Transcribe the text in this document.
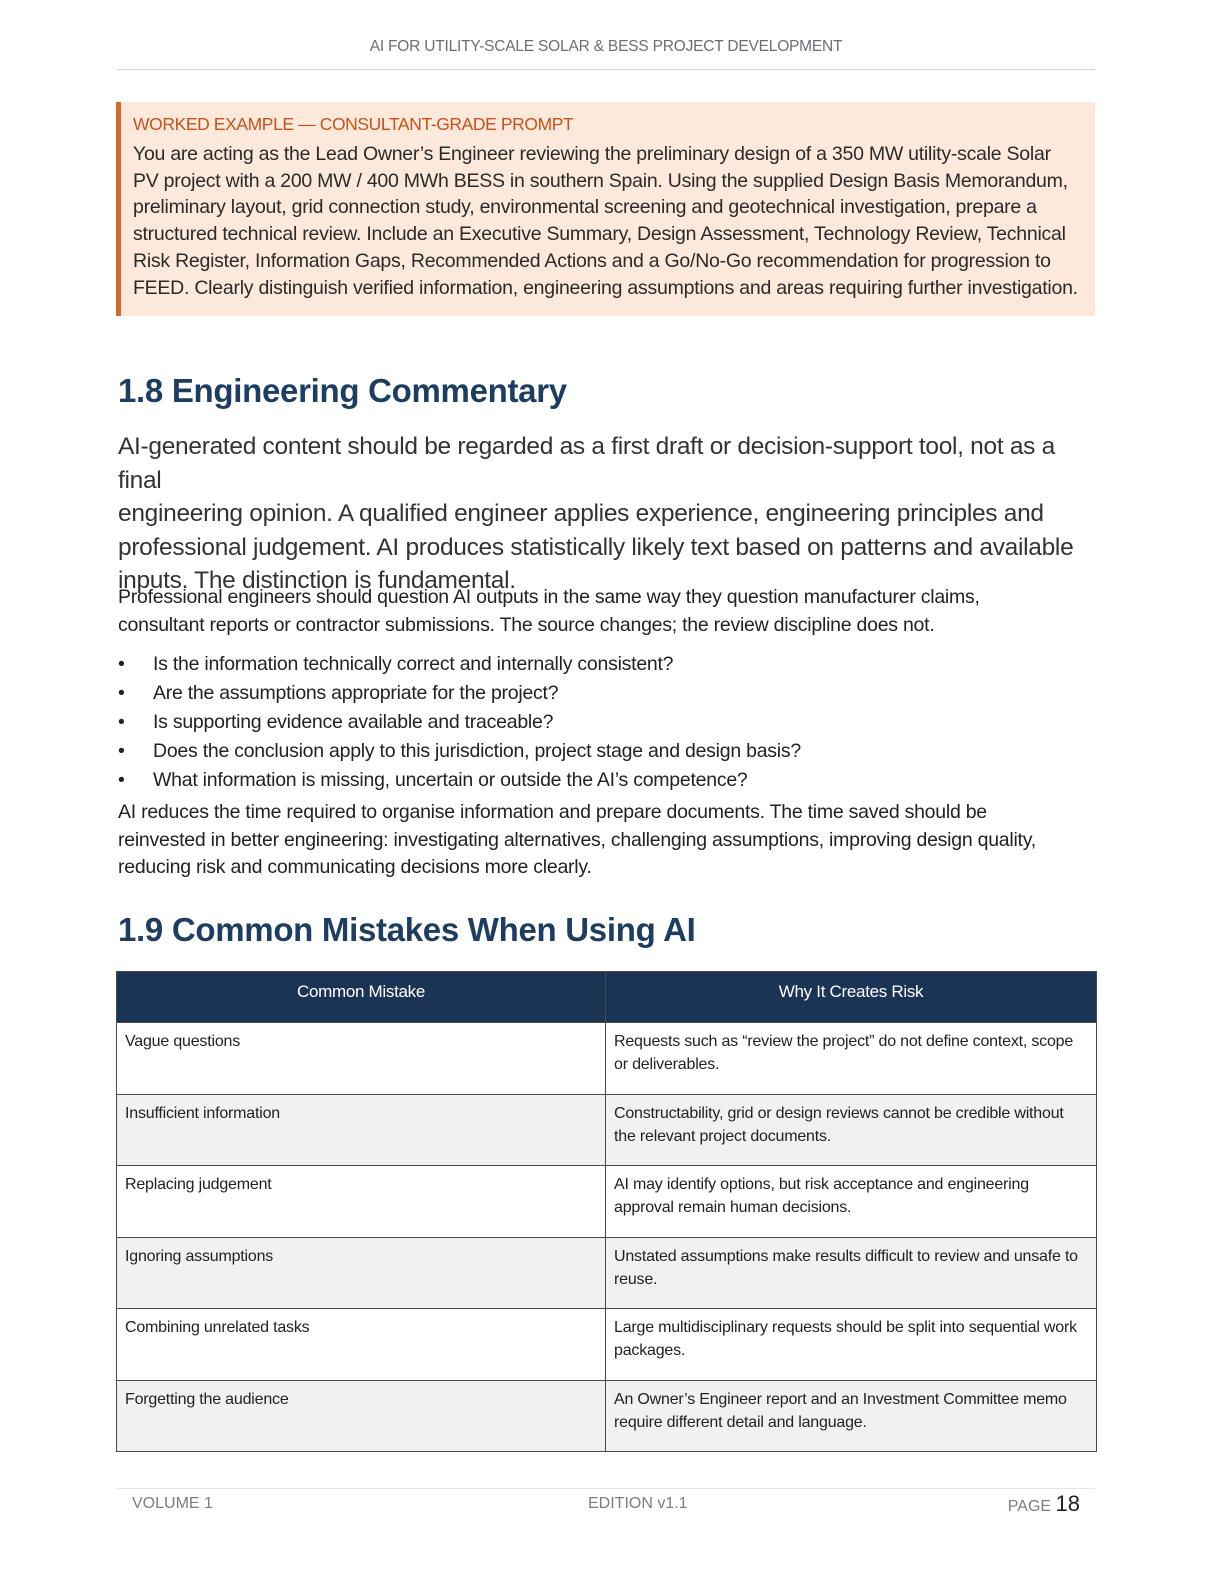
AI FOR UTILITY-SCALE SOLAR & BESS PROJECT DEVELOPMENT

WORKED EXAMPLE — CONSULTANT-GRADE PROMPT

You are acting as the Lead Owner’s Engineer reviewing the preliminary design of a 350 MW utility-scale Solar
PV project with a 200 MW / 400 MWh BESS in southern Spain. Using the supplied Design Basis Memorandum,
preliminary layout, grid connection study, environmental screening and geotechnical investigation, prepare a
structured technical review. Include an Executive Summary, Design Assessment, Technology Review, Technical
Risk Register, Information Gaps, Recommended Actions and a Go/No-Go recommendation for progression to
FEED. Clearly distinguish verified information, engineering assumptions and areas requiring further investigation.

1.8 Engineering Commentary

AI-generated content should be regarded as a first draft or decision-support tool, not as a final
engineering opinion. A qualified engineer applies experience, engineering principles and
professional judgement. AI produces statistically likely text based on patterns and available
inputs. The distinction is fundamental.

Professional engineers should question AI outputs in the same way they question manufacturer claims,
consultant reports or contractor submissions. The source changes; the review discipline does not.

• Is the information technically correct and internally consistent?
• Are the assumptions appropriate for the project?
• Is supporting evidence available and traceable?
• Does the conclusion apply to this jurisdiction, project stage and design basis?
• What information is missing, uncertain or outside the AI’s competence?

AI reduces the time required to organise information and prepare documents. The time saved should be
reinvested in better engineering: investigating alternatives, challenging assumptions, improving design quality,
reducing risk and communicating decisions more clearly.

1.9 Common Mistakes When Using AI
Common Mistake	Why It Creates Risk
Vague questions	Requests such as “review the project” do not define context, scope or deliverables.
Insufficient information	Constructability, grid or design reviews cannot be credible without the relevant project documents.
Replacing judgement	AI may identify options, but risk acceptance and engineering approval remain human decisions.
Ignoring assumptions	Unstated assumptions make results difficult to review and unsafe to reuse.
Combining unrelated tasks	Large multidisciplinary requests should be split into sequential work packages.
Forgetting the audience	An Owner’s Engineer report and an Investment Committee memo require different detail and language.
VOLUME 1	EDITION v1.1	PAGE 18
